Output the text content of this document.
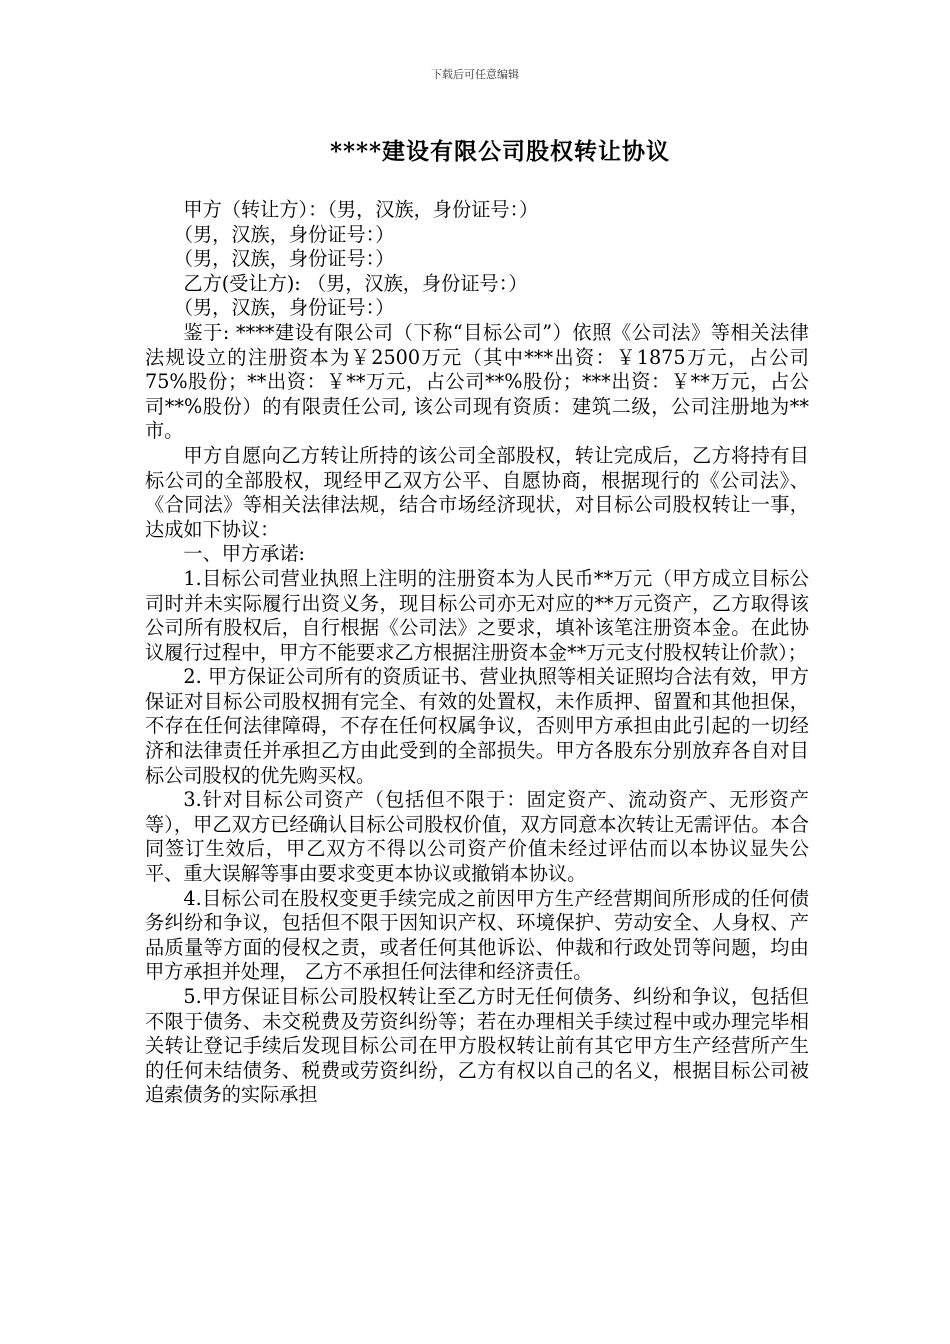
下载后可任意编辑
****建设有限公司股权转让协议

甲方（转让方）：（男，汉族，身份证号：）

（男，汉族，身份证号：）

（男，汉族，身份证号：）

乙方(受让方): （男，汉族，身份证号：）

（男，汉族，身份证号：）

鉴于: ****建设有限公司（下称“目标公司”）依照《公司法》等相关法律法规设立的注册资本为￥2500万元（其中***出资：￥1875万元，占公司75%股份；**出资：￥**万元，占公司**%股份；***出资：￥**万元，占公司**%股份）的有限责任公司, 该公司现有资质：建筑二级，公司注册地为**市。

甲方自愿向乙方转让所持的该公司全部股权，转让完成后，乙方将持有目标公司的全部股权，现经甲乙双方公平、自愿协商，根据现行的《公司法》、《合同法》等相关法律法规，结合市场经济现状，对目标公司股权转让一事，达成如下协议：

一、甲方承诺:

1.目标公司营业执照上注明的注册资本为人民币**万元（甲方成立目标公司时并未实际履行出资义务，现目标公司亦无对应的**万元资产，乙方取得该公司所有股权后，自行根据《公司法》之要求，填补该笔注册资本金。在此协议履行过程中，甲方不能要求乙方根据注册资本金**万元支付股权转让价款）；

2. 甲方保证公司所有的资质证书、营业执照等相关证照均合法有效，甲方保证对目标公司股权拥有完全、有效的处置权，未作质押、留置和其他担保，不存在任何法律障碍，不存在任何权属争议，否则甲方承担由此引起的一切经济和法律责任并承担乙方由此受到的全部损失。甲方各股东分别放弃各自对目标公司股权的优先购买权。

3.针对目标公司资产（包括但不限于：固定资产、流动资产、无形资产等），甲乙双方已经确认目标公司股权价值，双方同意本次转让无需评估。本合同签订生效后，甲乙双方不得以公司资产价值未经过评估而以本协议显失公平、重大误解等事由要求变更本协议或撤销本协议。

4.目标公司在股权变更手续完成之前因甲方生产经营期间所形成的任何债务纠纷和争议，包括但不限于因知识产权、环境保护、劳动安全、人身权、产品质量等方面的侵权之责，或者任何其他诉讼、仲裁和行政处罚等问题，均由甲方承担并处理， 乙方不承担任何法律和经济责任。

5.甲方保证目标公司股权转让至乙方时无任何债务、纠纷和争议，包括但不限于债务、未交税费及劳资纠纷等；若在办理相关手续过程中或办理完毕相关转让登记手续后发现目标公司在甲方股权转让前有其它甲方生产经营所产生的任何未结债务、税费或劳资纠纷，乙方有权以自己的名义，根据目标公司被追索债务的实际承担
